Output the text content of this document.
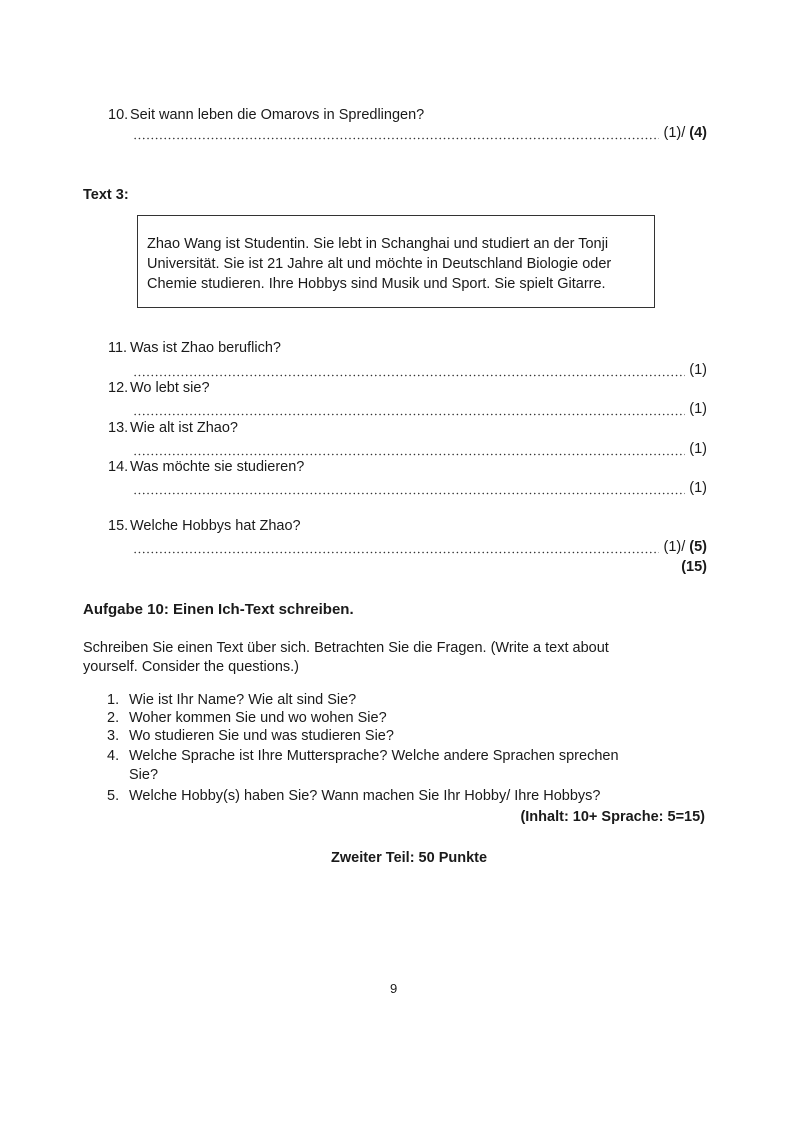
10. Seit wann leben die Omarovs in Spredlingen?
(1)/ (4)
Text 3:

Zhao Wang ist Studentin. Sie lebt in Schanghai und studiert an der Tonji
Universität. Sie ist 21 Jahre alt und möchte in Deutschland Biologie oder
Chemie studieren. Ihre Hobbys sind Musik und Sport. Sie spielt Gitarre.

11. Was ist Zhao beruflich?
(1)
12. Wo lebt sie?
(1)
13. Wie alt ist Zhao?
(1)
14. Was möchte sie studieren?
(1)
15. Welche Hobbys hat Zhao?
(1)/ (5)
(15)
Aufgabe 10: Einen Ich-Text schreiben.
Schreiben Sie einen Text über sich. Betrachten Sie die Fragen. (Write a text about
yourself. Consider the questions.)
1. Wie ist Ihr Name? Wie alt sind Sie?
2. Woher kommen Sie und wo wohen Sie?
3. Wo studieren Sie und was studieren Sie?
4. Welche Sprache ist Ihre Muttersprache? Welche andere Sprachen sprechen
Sie?
5. Welche Hobby(s) haben Sie? Wann machen Sie Ihr Hobby/ Ihre Hobbys?
(Inhalt: 10+ Sprache: 5=15)
Zweiter Teil: 50 Punkte
9
